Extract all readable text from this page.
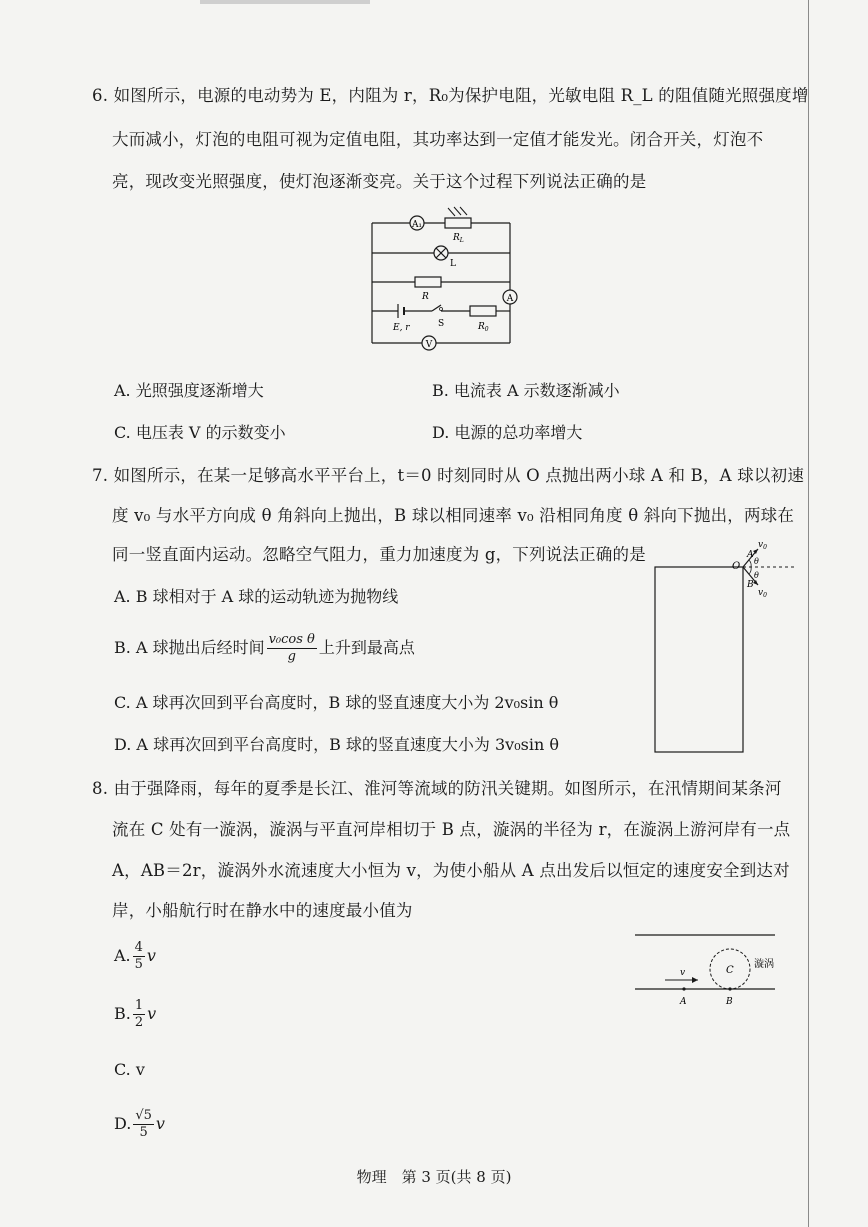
6. 如图所示，电源的电动势为 E，内阻为 r，R₀为保护电阻，光敏电阻 R_L 的阻值随光照强度增
大而减小，灯泡的电阻可视为定值电阻，其功率达到一定值才能发光。闭合开关，灯泡不
亮，现改变光照强度，使灯泡逐渐变亮。关于这个过程下列说法正确的是
A₁
$R_L$
L
R	A
E, r	S	$R_0$
V
A. 光照强度逐渐增大	B. 电流表 A 示数逐渐减小
C. 电压表 V 的示数变小	D. 电源的总功率增大
7. 如图所示，在某一足够高水平平台上，t＝0 时刻同时从 O 点抛出两小球 A 和 B，A 球以初速
度 v₀ 与水平方向成 θ 角斜向上抛出，B 球以相同速率 v₀ 沿相同角度 θ 斜向下抛出，两球在
同一竖直面内运动。忽略空气阻力，重力加速度为 g，下列说法正确的是
O
A
B
θ
θ
$v_0$
$v_0$
A. B 球相对于 A 球的运动轨迹为抛物线
B. A 球抛出后经时间 $\frac{\text{v₀cos θ}}{g}$ 上升到最高点
C. A 球再次回到平台高度时，B 球的竖直速度大小为 2v₀sin θ
D. A 球再次回到平台高度时，B 球的竖直速度大小为 3v₀sin θ
8. 由于强降雨，每年的夏季是长江、淮河等流域的防汛关键期。如图所示，在汛情期间某条河
流在 C 处有一漩涡，漩涡与平直河岸相切于 B 点，漩涡的半径为 r，在漩涡上游河岸有一点
A，AB＝2r，漩涡外水流速度大小恒为 v，为使小船从 A 点出发后以恒定的速度安全到达对
岸，小船航行时在静水中的速度最小值为
v	C
漩涡
A	B
A. $\frac{4}{5}$ v
B. $\frac{1}{2}$ v
C. v
D. $\frac{√5}{5}$ v
物理　第 3 页(共 8 页)
